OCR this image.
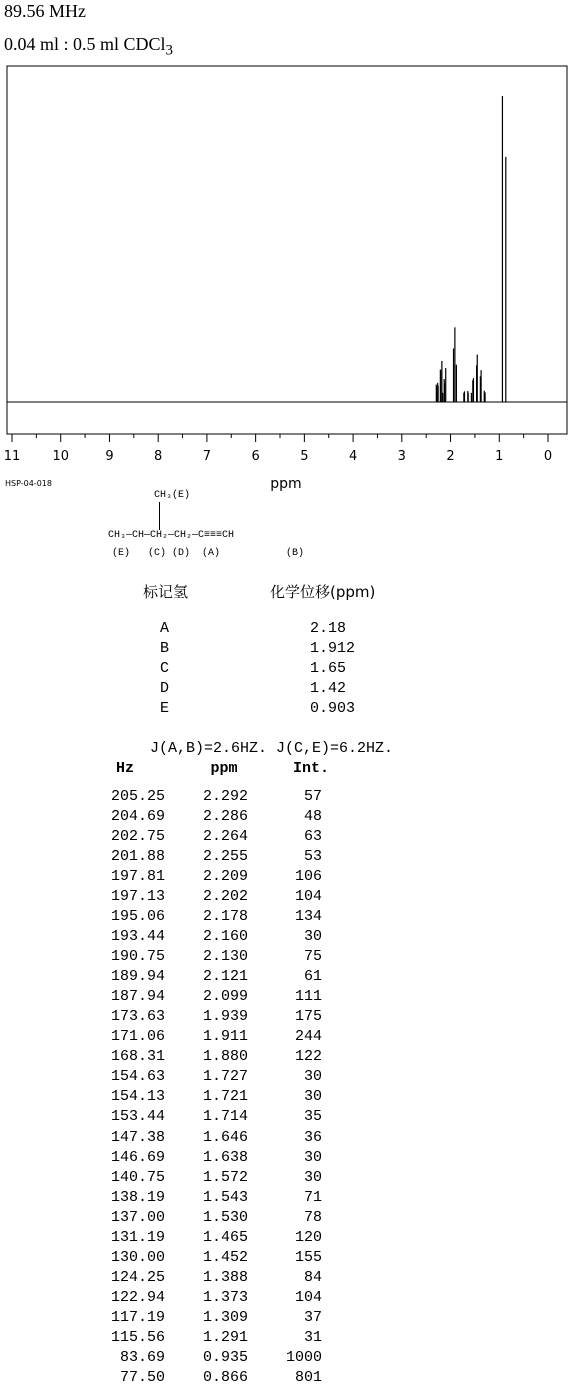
89.56 MHz
0.04 ml : 0.5 ml CDCl$_3$
11 10	9	8	7	6	5	4	3	2	1	0
ppm
HSP-04-018
CH₃(E)
CH₃—CH—CH₂—CH₂—C≡≡≡CH
(E)   (C) (D)  (A)           (B)
标记氢	化学位移(ppm)
A	2.18
B	1.912
C	1.65
D	1.42
E	0.903
J(A,B)=2.6HZ. J(C,E)=6.2HZ.
Hz	ppm	Int.
205.25	2.292	57
204.69	2.286	48
202.75	2.264	63
201.88	2.255	53
197.81	2.209	106
197.13	2.202	104
195.06	2.178	134
193.44	2.160	30
190.75	2.130	75
189.94	2.121	61
187.94	2.099	111
173.63	1.939	175
171.06	1.911	244
168.31	1.880	122
154.63	1.727	30
154.13	1.721	30
153.44	1.714	35
147.38	1.646	36
146.69	1.638	30
140.75	1.572	30
138.19	1.543	71
137.00	1.530	78
131.19	1.465	120
130.00	1.452	155
124.25	1.388	84
122.94	1.373	104
117.19	1.309	37
115.56	1.291	31
83.69	0.935	1000
77.50	0.866	801
